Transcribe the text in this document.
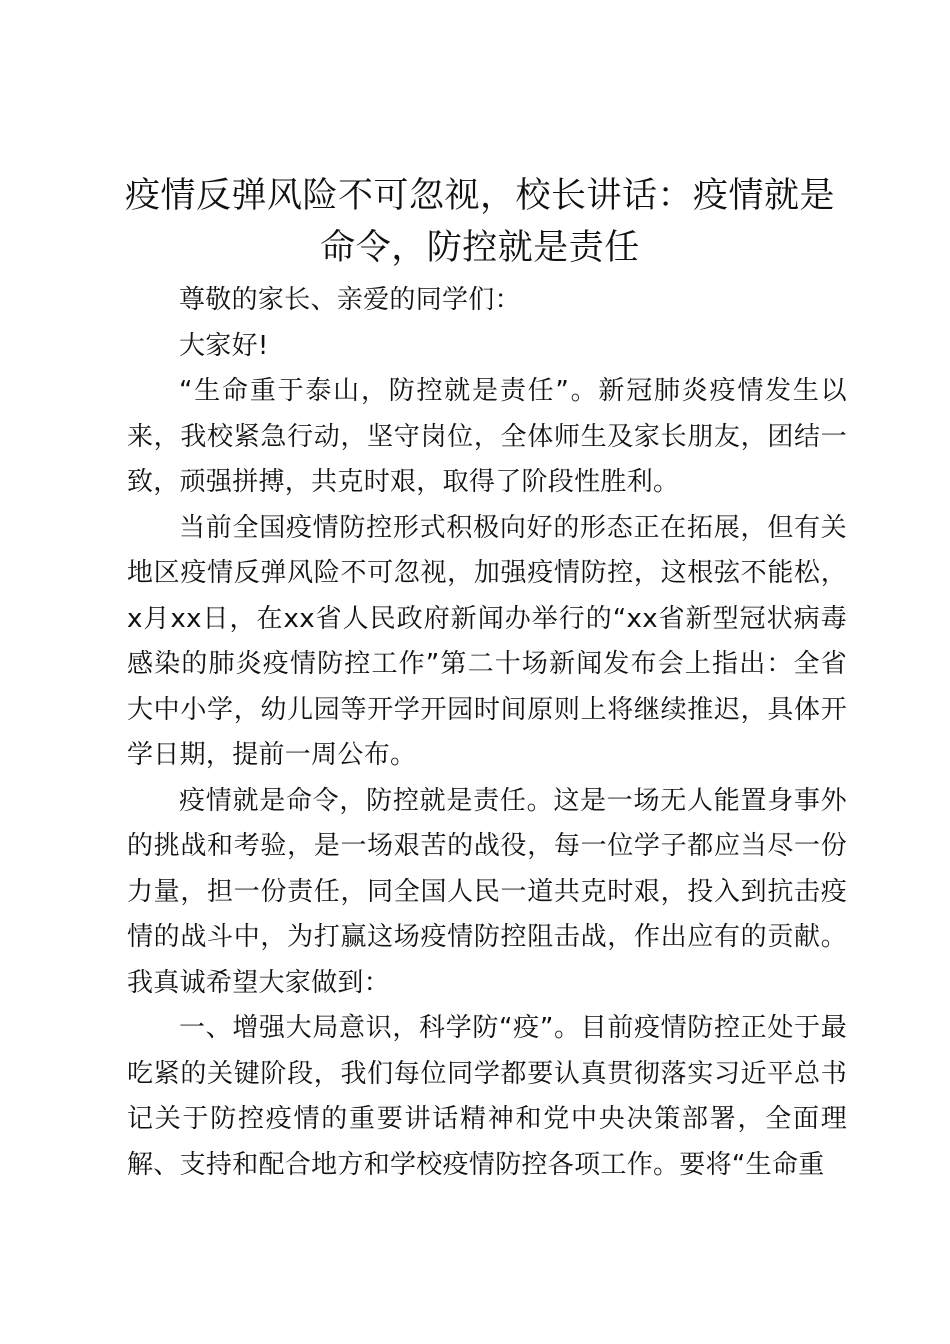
疫情反弹风险不可忽视，校长讲话：疫情就是
命令，防控就是责任

尊敬的家长、亲爱的同学们：

大家好!

“生命重于泰山，防控就是责任”。新冠肺炎疫情发生以来，我校紧急行动，坚守岗位，全体师生及家长朋友，团结一致，顽强拼搏，共克时艰，取得了阶段性胜利。

当前全国疫情防控形式积极向好的形态正在拓展，但有关地区疫情反弹风险不可忽视，加强疫情防控，这根弦不能松，x月xx日，在xx省人民政府新闻办举行的“xx省新型冠状病毒感染的肺炎疫情防控工作”第二十场新闻发布会上指出：全省大中小学，幼儿园等开学开园时间原则上将继续推迟，具体开学日期，提前一周公布。

疫情就是命令，防控就是责任。这是一场无人能置身事外的挑战和考验，是一场艰苦的战役，每一位学子都应当尽一份力量，担一份责任，同全国人民一道共克时艰，投入到抗击疫情的战斗中，为打赢这场疫情防控阻击战，作出应有的贡献。我真诚希望大家做到：

一、增强大局意识，科学防“疫”。目前疫情防控正处于最吃紧的关键阶段，我们每位同学都要认真贯彻落实习近平总书记关于防控疫情的重要讲话精神和党中央决策部署，全面理解、支持和配合地方和学校疫情防控各项工作。要将“生命重
